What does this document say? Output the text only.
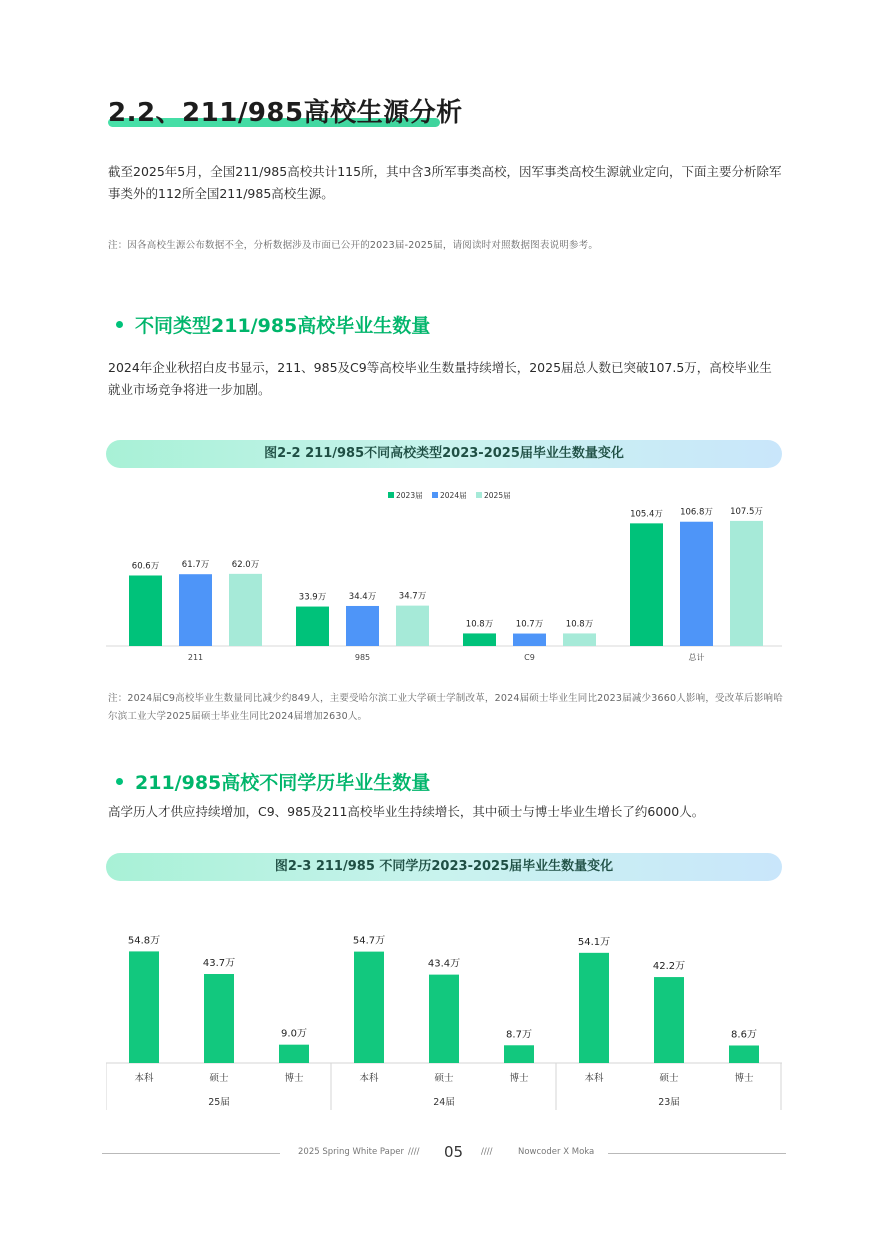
2.2、211/985高校生源分析
截至2025年5月，全国211/985高校共计115所，其中含3所军事类高校，因军事类高校生源就业定向，下面主要分析除军事类外的112所全国211/985高校生源。
注：因各高校生源公布数据不全，分析数据涉及市面已公开的2023届-2025届，请阅读时对照数据图表说明参考。
不同类型211/985高校毕业生数量
2024年企业秋招白皮书显示，211、985及C9等高校毕业生数量持续增长，2025届总人数已突破107.5万，高校毕业生就业市场竞争将进一步加剧。
图2-2 211/985不同高校类型2023-2025届毕业生数量变化
2023届 2024届 2025届
60.6万	61.7万	62.0万
211
33.9万	34.4万	34.7万
985
10.8万	10.7万	10.8万
C9
105.4万 106.8万 107.5万
总计
注：2024届C9高校毕业生数量同比减少约849人，主要受哈尔滨工业大学硕士学制改革，2024届硕士毕业生同比2023届减少3660人影响，受改革后影响哈尔滨工业大学2025届硕士毕业生同比2024届增加2630人。
211/985高校不同学历毕业生数量
高学历人才供应持续增加，C9、985及211高校毕业生持续增长，其中硕士与博士毕业生增长了约6000人。
图2-3 211/985 不同学历2023-2025届毕业生数量变化
54.8万
本科
43.7万
硕士
9.0万
博士
25届
54.7万
本科
43.4万
硕士
8.7万
博士
24届
54.1万
本科
42.2万
硕士
8.6万
博士
23届
2025 Spring White Paper //// 05 ////	Nowcoder X Moka
